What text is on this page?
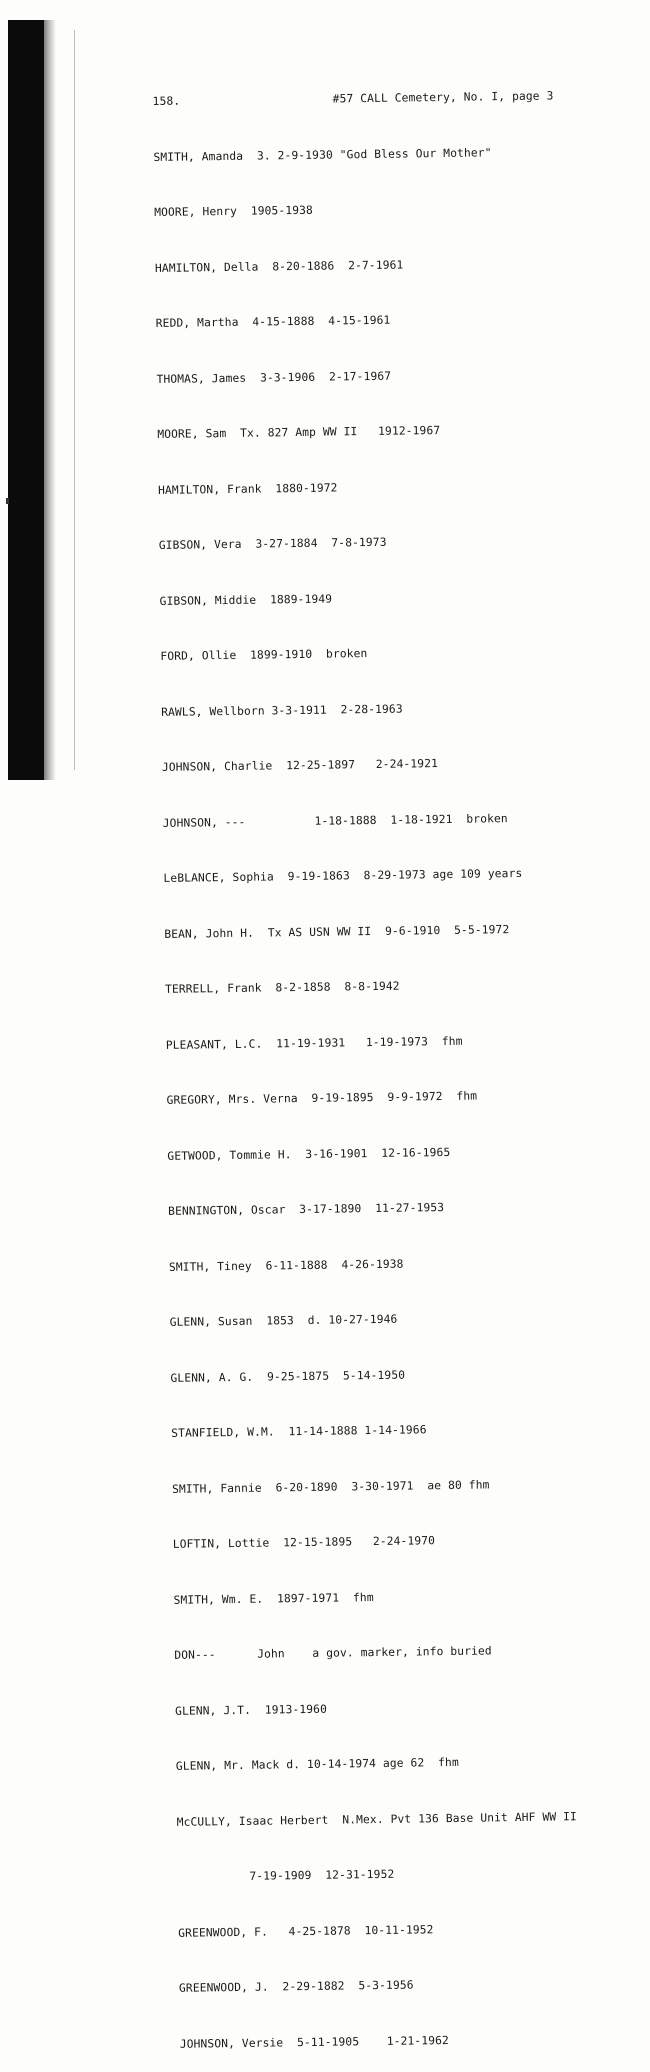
158.	#57 CALL Cemetery, No. I, page 3

SMITH, Amanda  3. 2-9-1930 "God Bless Our Mother"

MOORE, Henry  1905-1938

HAMILTON, Della  8-20-1886  2-7-1961

REDD, Martha  4-15-1888  4-15-1961

THOMAS, James  3-3-1906  2-17-1967

MOORE, Sam  Tx. 827 Amp WW II   1912-1967

HAMILTON, Frank  1880-1972

GIBSON, Vera  3-27-1884  7-8-1973

GIBSON, Middie  1889-1949

FORD, Ollie  1899-1910  broken

RAWLS, Wellborn 3-3-1911  2-28-1963

JOHNSON, Charlie  12-25-1897   2-24-1921

JOHNSON, ---          1-18-1888  1-18-1921  broken

LeBLANCE, Sophia  9-19-1863  8-29-1973 age 109 years

BEAN, John H.  Tx AS USN WW II  9-6-1910  5-5-1972

TERRELL, Frank  8-2-1858  8-8-1942

PLEASANT, L.C.  11-19-1931   1-19-1973  fhm

GREGORY, Mrs. Verna  9-19-1895  9-9-1972  fhm

GETWOOD, Tommie H.  3-16-1901  12-16-1965

BENNINGTON, Oscar  3-17-1890  11-27-1953

SMITH, Tiney  6-11-1888  4-26-1938

GLENN, Susan  1853  d. 10-27-1946

GLENN, A. G.  9-25-1875  5-14-1950

STANFIELD, W.M.  11-14-1888 1-14-1966

SMITH, Fannie  6-20-1890  3-30-1971  ae 80 fhm

LOFTIN, Lottie  12-15-1895   2-24-1970

SMITH, Wm. E.  1897-1971  fhm

DON---      John    a gov. marker, info buried

GLENN, J.T.  1913-1960

GLENN, Mr. Mack d. 10-14-1974 age 62  fhm

McCULLY, Isaac Herbert  N.Mex. Pvt 136 Base Unit AHF WW II

7-19-1909  12-31-1952

GREENWOOD, F.   4-25-1878  10-11-1952

GREENWOOD, J.  2-29-1882  5-3-1956

JOHNSON, Versie  5-11-1905    1-21-1962
